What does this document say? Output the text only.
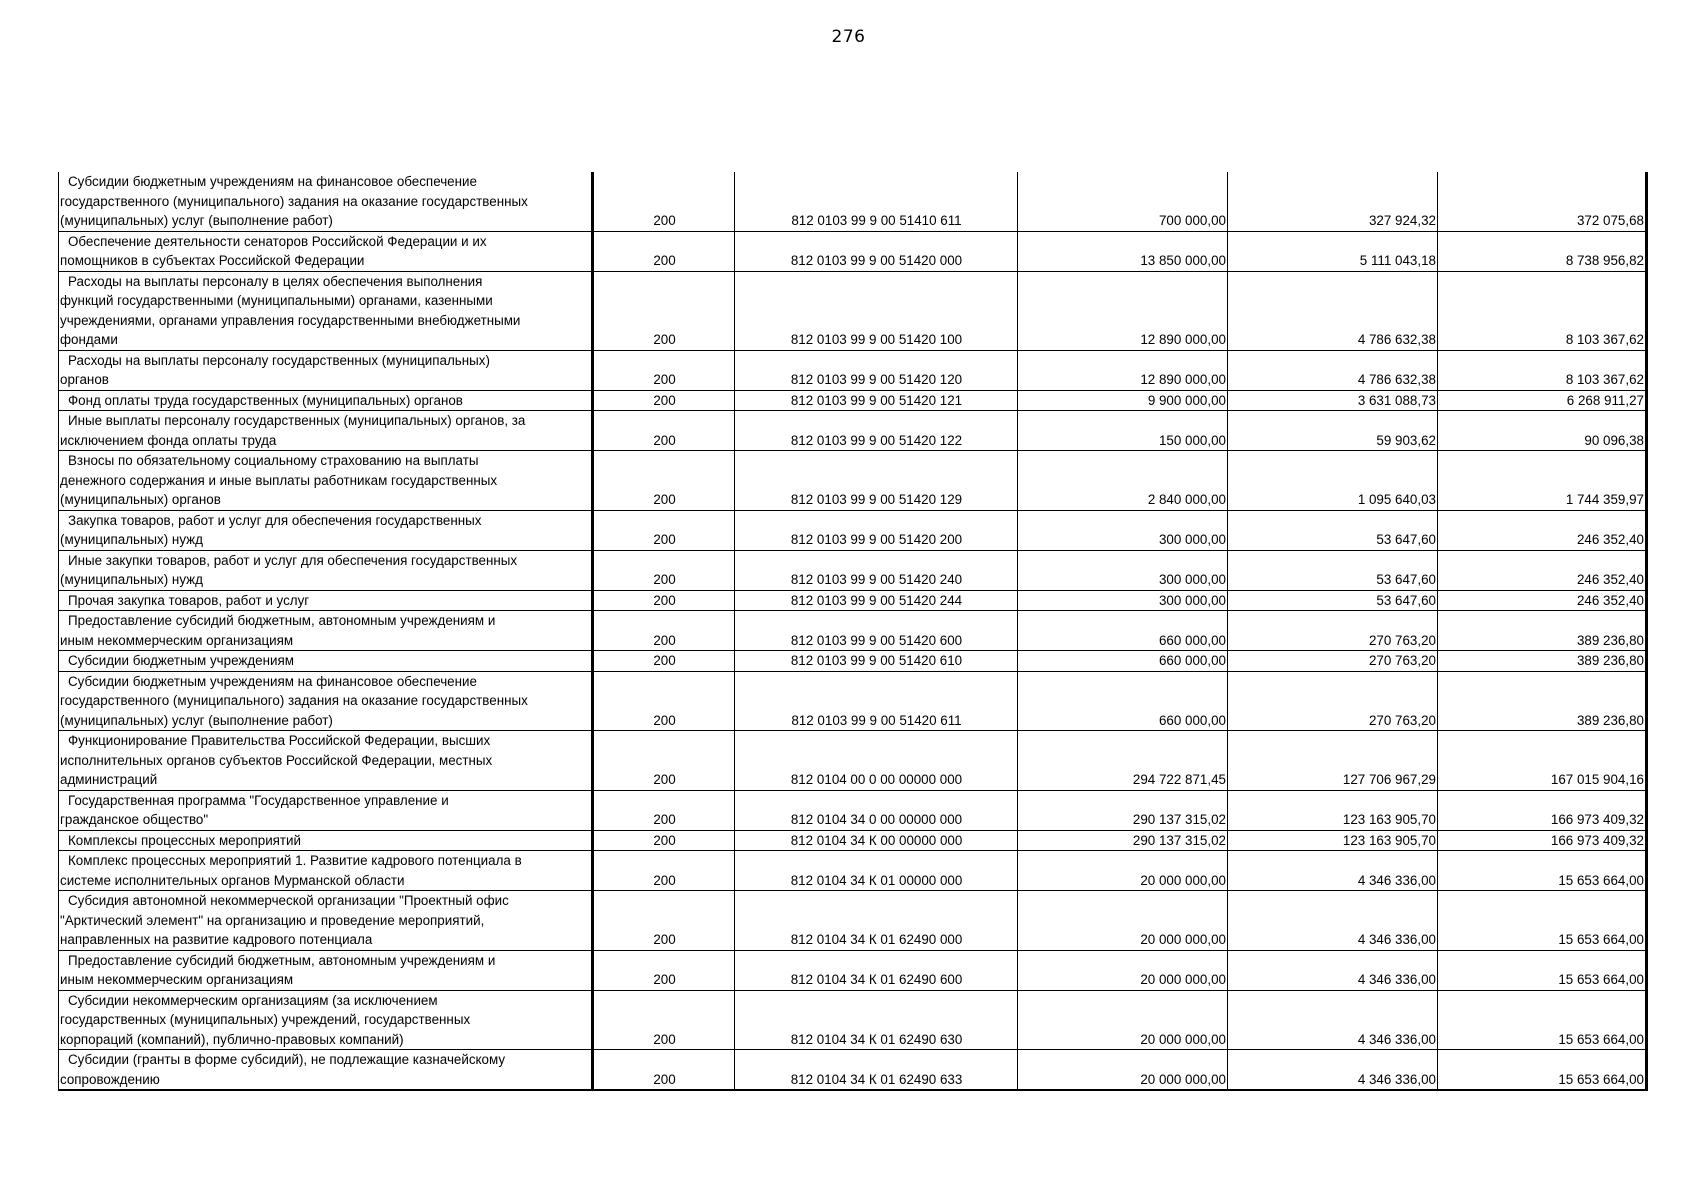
276
Субсидии бюджетным учреждениям на финансовое обеспечение
государственного (муниципального) задания на оказание государственных
(муниципальных) услуг (выполнение работ)	200	812 0103 99 9 00 51410 611	700 000,00	327 924,32	372 075,68

Обеспечение деятельности сенаторов Российской Федерации и их
помощников в субъектах Российской Федерации	200	812 0103 99 9 00 51420 000	13 850 000,00	5 111 043,18	8 738 956,82

Расходы на выплаты персоналу в целях обеспечения выполнения
функций государственными (муниципальными) органами, казенными
учреждениями, органами управления государственными внебюджетными
фондами	200	812 0103 99 9 00 51420 100	12 890 000,00	4 786 632,38	8 103 367,62

Расходы на выплаты персоналу государственных (муниципальных)
органов	200	812 0103 99 9 00 51420 120	12 890 000,00	4 786 632,38	8 103 367,62

Фонд оплаты труда государственных (муниципальных) органов	200	812 0103 99 9 00 51420 121	9 900 000,00	3 631 088,73	6 268 911,27

Иные выплаты персоналу государственных (муниципальных) органов, за
исключением фонда оплаты труда	200	812 0103 99 9 00 51420 122	150 000,00	59 903,62	90 096,38

Взносы по обязательному социальному страхованию на выплаты
денежного содержания и иные выплаты работникам государственных
(муниципальных) органов	200	812 0103 99 9 00 51420 129	2 840 000,00	1 095 640,03	1 744 359,97

Закупка товаров, работ и услуг для обеспечения государственных
(муниципальных) нужд	200	812 0103 99 9 00 51420 200	300 000,00	53 647,60	246 352,40

Иные закупки товаров, работ и услуг для обеспечения государственных
(муниципальных) нужд	200	812 0103 99 9 00 51420 240	300 000,00	53 647,60	246 352,40

Прочая закупка товаров, работ и услуг	200	812 0103 99 9 00 51420 244	300 000,00	53 647,60	246 352,40

Предоставление субсидий бюджетным, автономным учреждениям и
иным некоммерческим организациям	200	812 0103 99 9 00 51420 600	660 000,00	270 763,20	389 236,80

Субсидии бюджетным учреждениям	200	812 0103 99 9 00 51420 610	660 000,00	270 763,20	389 236,80

Субсидии бюджетным учреждениям на финансовое обеспечение
государственного (муниципального) задания на оказание государственных
(муниципальных) услуг (выполнение работ)	200	812 0103 99 9 00 51420 611	660 000,00	270 763,20	389 236,80

Функционирование Правительства Российской Федерации, высших
исполнительных органов субъектов Российской Федерации, местных
администраций	200	812 0104 00 0 00 00000 000	294 722 871,45	127 706 967,29	167 015 904,16

Государственная программа "Государственное управление и
гражданское общество"	200	812 0104 34 0 00 00000 000	290 137 315,02	123 163 905,70	166 973 409,32

Комплексы процессных мероприятий	200	812 0104 34 К 00 00000 000	290 137 315,02	123 163 905,70	166 973 409,32

Комплекс процессных мероприятий 1. Развитие кадрового потенциала в
системе исполнительных органов Мурманской области	200	812 0104 34 К 01 00000 000	20 000 000,00	4 346 336,00	15 653 664,00

Субсидия автономной некоммерческой организации "Проектный офис
"Арктический элемент" на организацию и проведение мероприятий,
направленных на развитие кадрового потенциала	200	812 0104 34 К 01 62490 000	20 000 000,00	4 346 336,00	15 653 664,00

Предоставление субсидий бюджетным, автономным учреждениям и
иным некоммерческим организациям	200	812 0104 34 К 01 62490 600	20 000 000,00	4 346 336,00	15 653 664,00

Субсидии некоммерческим организациям (за исключением
государственных (муниципальных) учреждений, государственных
корпораций (компаний), публично-правовых компаний)	200	812 0104 34 К 01 62490 630	20 000 000,00	4 346 336,00	15 653 664,00

Субсидии (гранты в форме субсидий), не подлежащие казначейскому
сопровождению	200	812 0104 34 К 01 62490 633	20 000 000,00	4 346 336,00	15 653 664,00
